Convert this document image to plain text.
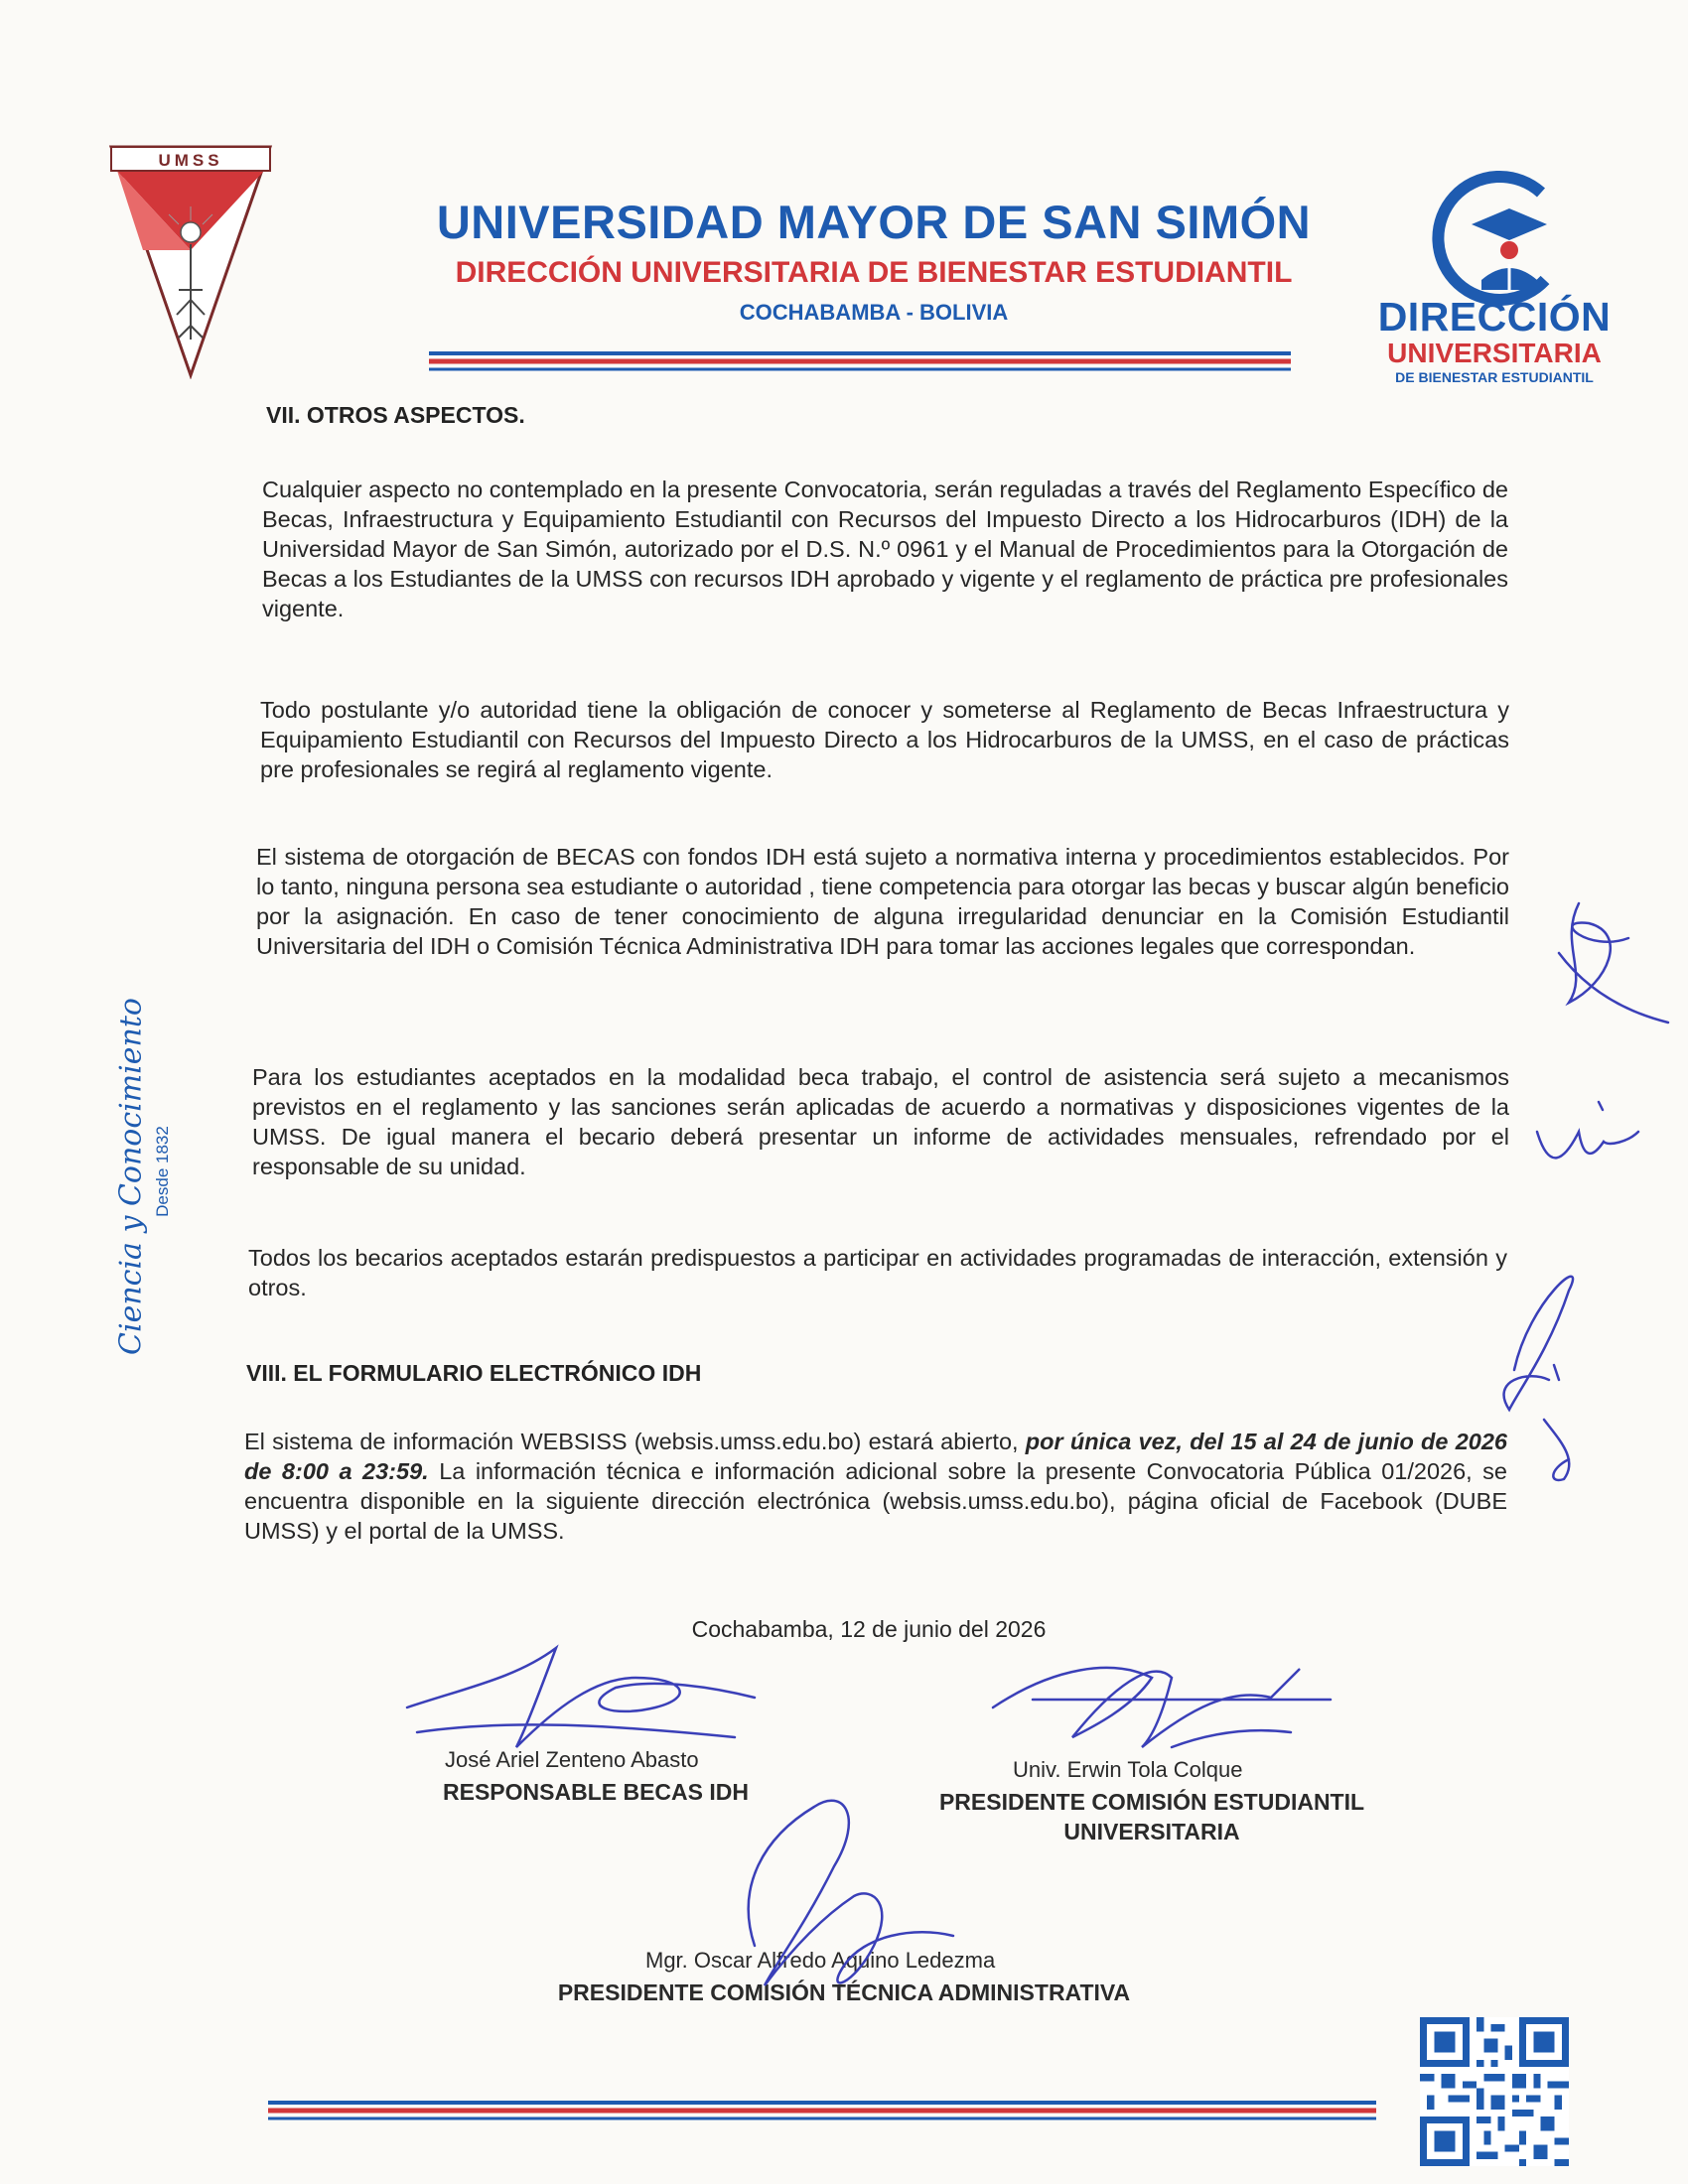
UMSS
UNIVERSIDAD MAYOR DE SAN SIMÓN
DIRECCIÓN UNIVERSITARIA DE BIENESTAR ESTUDIANTIL
COCHABAMBA - BOLIVIA	DIRECCIÓN
UNIVERSITARIA
DE BIENESTAR ESTUDIANTIL
VII. OTROS ASPECTOS.
Cualquier aspecto no contemplado en la presente Convocatoria, serán reguladas a través del Reglamento Específico de Becas, Infraestructura y Equipamiento Estudiantil con Recursos del Impuesto Directo a los Hidrocarburos (IDH) de la Universidad Mayor de San Simón, autorizado por el D.S. N.º 0961 y el Manual de Procedimientos para la Otorgación de Becas a los Estudiantes de la UMSS con recursos IDH aprobado y vigente y el reglamento de práctica pre profesionales vigente.
Todo postulante y/o autoridad tiene la obligación de conocer y someterse al Reglamento de Becas Infraestructura y Equipamiento Estudiantil con Recursos del Impuesto Directo a los Hidrocarburos de la UMSS, en el caso de prácticas pre profesionales se regirá al reglamento vigente.
El sistema de otorgación de BECAS con fondos IDH está sujeto a normativa interna y procedimientos establecidos. Por lo tanto, ninguna persona sea estudiante o autoridad , tiene competencia para otorgar las becas y buscar algún beneficio por la asignación. En caso de tener conocimiento de alguna irregularidad denunciar en la Comisión Estudiantil Universitaria del IDH o Comisión Técnica Administrativa IDH para tomar las acciones legales que correspondan.
Para los estudiantes aceptados en la modalidad beca trabajo, el control de asistencia será sujeto a mecanismos previstos en el reglamento y las sanciones serán aplicadas de acuerdo a normativas y disposiciones vigentes de la UMSS. De igual manera el becario deberá presentar un informe de actividades mensuales, refrendado por el responsable de su unidad.
Todos los becarios aceptados estarán predispuestos a participar en actividades programadas de interacción, extensión y otros.
VIII. EL FORMULARIO ELECTRÓNICO IDH
El sistema de información WEBSISS (websis.umss.edu.bo) estará abierto, por única vez, del 15 al 24 de junio de 2026 de 8:00 a 23:59. La información técnica e información adicional sobre la presente Convocatoria Pública 01/2026, se encuentra disponible en la siguiente dirección electrónica (websis.umss.edu.bo), página oficial de Facebook (DUBE UMSS) y el portal de la UMSS.
Cochabamba, 12 de junio del 2026
José Ariel Zenteno Abasto
RESPONSABLE BECAS IDH
Univ. Erwin Tola Colque
PRESIDENTE COMISIÓN ESTUDIANTIL
UNIVERSITARIA
Mgr. Oscar Alfredo Aquino Ledezma
PRESIDENTE COMISIÓN TÉCNICA ADMINISTRATIVA
Ciencia y Conocimiento Desde 1832
